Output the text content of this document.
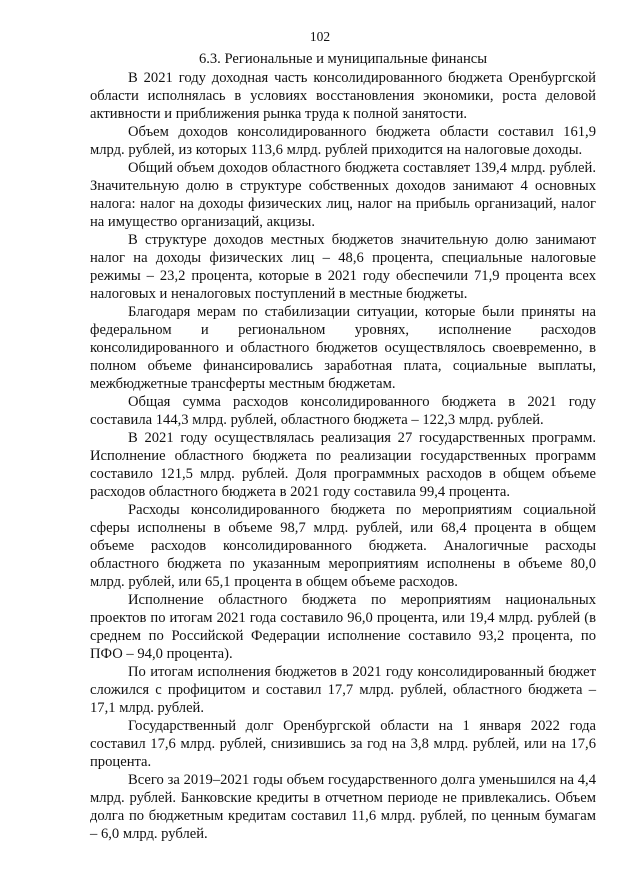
102
6.3. Региональные и муниципальные финансы

В 2021 году доходная часть консолидированного бюджета Оренбургской области исполнялась в условиях восстановления экономики, роста деловой активности и приближения рынка труда к полной занятости.

Объем доходов консолидированного бюджета области составил 161,9 млрд. рублей, из которых 113,6 млрд. рублей приходится на налоговые доходы.

Общий объем доходов областного бюджета составляет 139,4 млрд. рублей. Значительную долю в структуре собственных доходов занимают 4 основных налога: налог на доходы физических лиц, налог на прибыль организаций, налог на имущество организаций, акцизы.

В структуре доходов местных бюджетов значительную долю занимают налог на доходы физических лиц – 48,6 процента, специальные налоговые режимы – 23,2 процента, которые в 2021 году обеспечили 71,9 процента всех налоговых и неналоговых поступлений в местные бюджеты.

Благодаря мерам по стабилизации ситуации, которые были приняты на федеральном и региональном уровнях, исполнение расходов консолидированного и областного бюджетов осуществлялось своевременно, в полном объеме финансировались заработная плата, социальные выплаты, межбюджетные трансферты местным бюджетам.

Общая сумма расходов консолидированного бюджета в 2021 году составила 144,3 млрд. рублей, областного бюджета – 122,3 млрд. рублей.

В 2021 году осуществлялась реализация 27 государственных программ. Исполнение областного бюджета по реализации государственных программ составило 121,5 млрд. рублей. Доля программных расходов в общем объеме расходов областного бюджета в 2021 году составила 99,4 процента.

Расходы консолидированного бюджета по мероприятиям социальной сферы исполнены в объеме 98,7 млрд. рублей, или 68,4 процента в общем объеме расходов консолидированного бюджета. Аналогичные расходы областного бюджета по указанным мероприятиям исполнены в объеме 80,0 млрд. рублей, или 65,1 процента в общем объеме расходов.

Исполнение областного бюджета по мероприятиям национальных проектов по итогам 2021 года составило 96,0 процента, или 19,4 млрд. рублей (в среднем по Российской Федерации исполнение составило 93,2 процента, по ПФО – 94,0 процента).

По итогам исполнения бюджетов в 2021 году консолидированный бюджет сложился с профицитом и составил 17,7 млрд. рублей, областного бюджета – 17,1 млрд. рублей.

Государственный долг Оренбургской области на 1 января 2022 года составил 17,6 млрд. рублей, снизившись за год на 3,8 млрд. рублей, или на 17,6 процента.

Всего за 2019–2021 годы объем государственного долга уменьшился на 4,4 млрд. рублей. Банковские кредиты в отчетном периоде не привлекались. Объем долга по бюджетным кредитам составил 11,6 млрд. рублей, по ценным бумагам – 6,0 млрд. рублей.
